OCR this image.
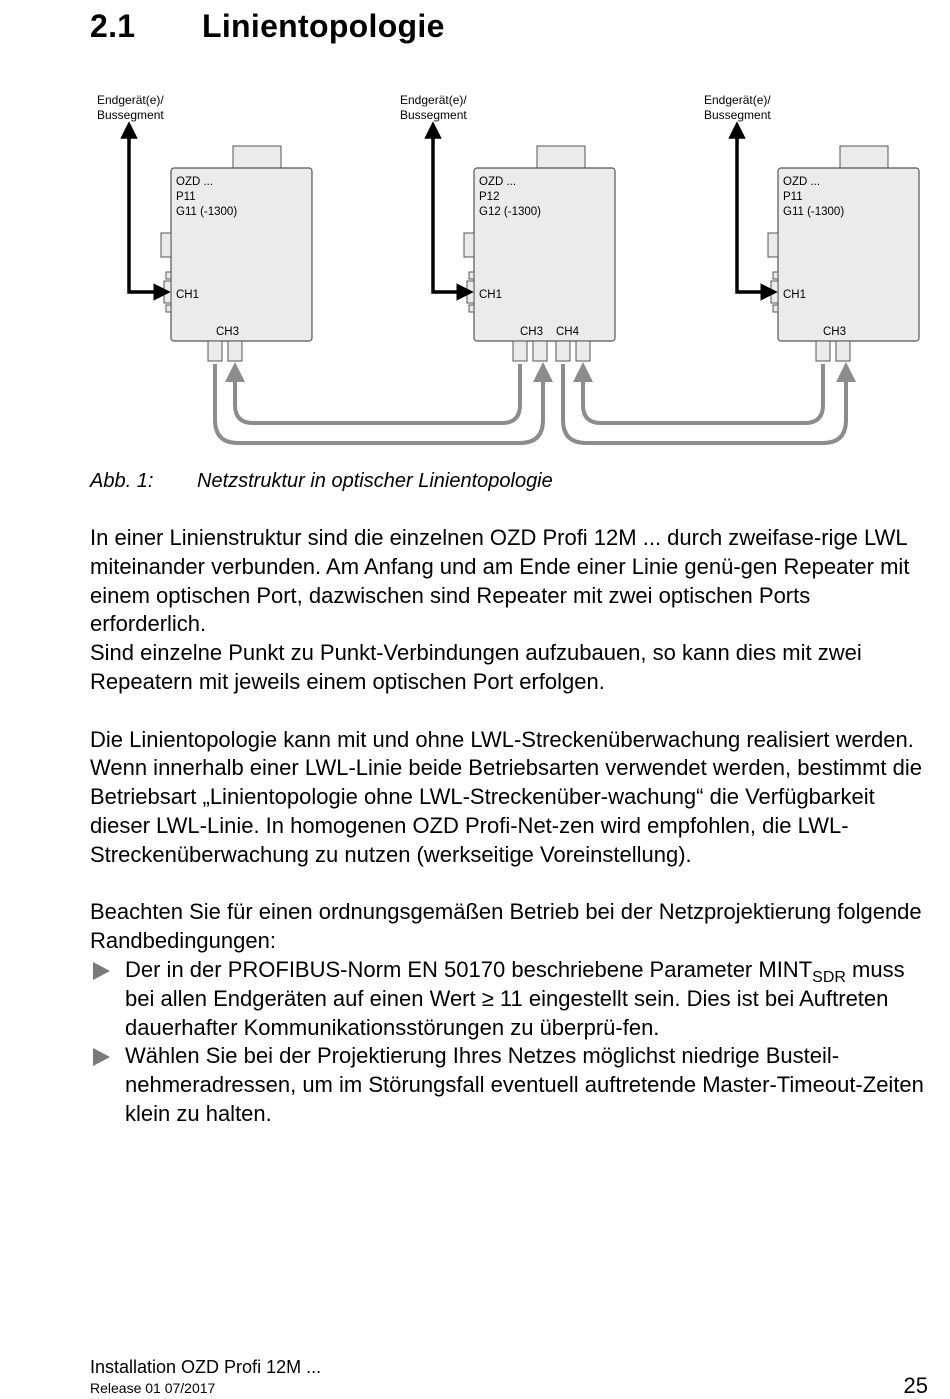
2.1 Linientopologie
OZD ...
P11
G11 (-1300)
CH1
CH3
OZD ...
P12
G12 (-1300)
CH1
CH3 CH4
OZD ...
P11
G11 (-1300)
CH1
CH3
Endgerät(e)/
Bussegment
Endgerät(e)/
Bussegment
Endgerät(e)/
Bussegment
Abb. 1: Netzstruktur in optischer Linientopologie

In einer Linienstruktur sind die einzelnen OZD Profi 12M ... durch zweifase-rige LWL miteinander verbunden. Am Anfang und am Ende einer Linie genü-gen Repeater mit einem optischen Port, dazwischen sind Repeater mit zwei optischen Ports erforderlich.

Sind einzelne Punkt zu Punkt-Verbindungen aufzubauen, so kann dies mit zwei Repeatern mit jeweils einem optischen Port erfolgen.

Die Linientopologie kann mit und ohne LWL-Streckenüberwachung realisiert werden. Wenn innerhalb einer LWL-Linie beide Betriebsarten verwendet werden, bestimmt die Betriebsart „Linientopologie ohne LWL-Streckenüber-wachung“ die Verfügbarkeit dieser LWL-Linie. In homogenen OZD Profi-Net-zen wird empfohlen, die LWL-Streckenüberwachung zu nutzen (werkseitige Voreinstellung).

Beachten Sie für einen ordnungsgemäßen Betrieb bei der Netzprojektierung folgende Randbedingungen:

Der in der PROFIBUS-Norm EN 50170 beschriebene Parameter $MINT_{SDR}$ muss bei allen Endgeräten auf einen Wert ≥ 11 eingestellt sein. Dies ist bei Auftreten dauerhafter Kommunikationsstörungen zu überprü-fen.
Wählen Sie bei der Projektierung Ihres Netzes möglichst niedrige Busteil-nehmeradressen, um im Störungsfall eventuell auftretende Master-Timeout-Zeiten klein zu halten.
Installation OZD Profi 12M ...
Release 01 07/2017	25
